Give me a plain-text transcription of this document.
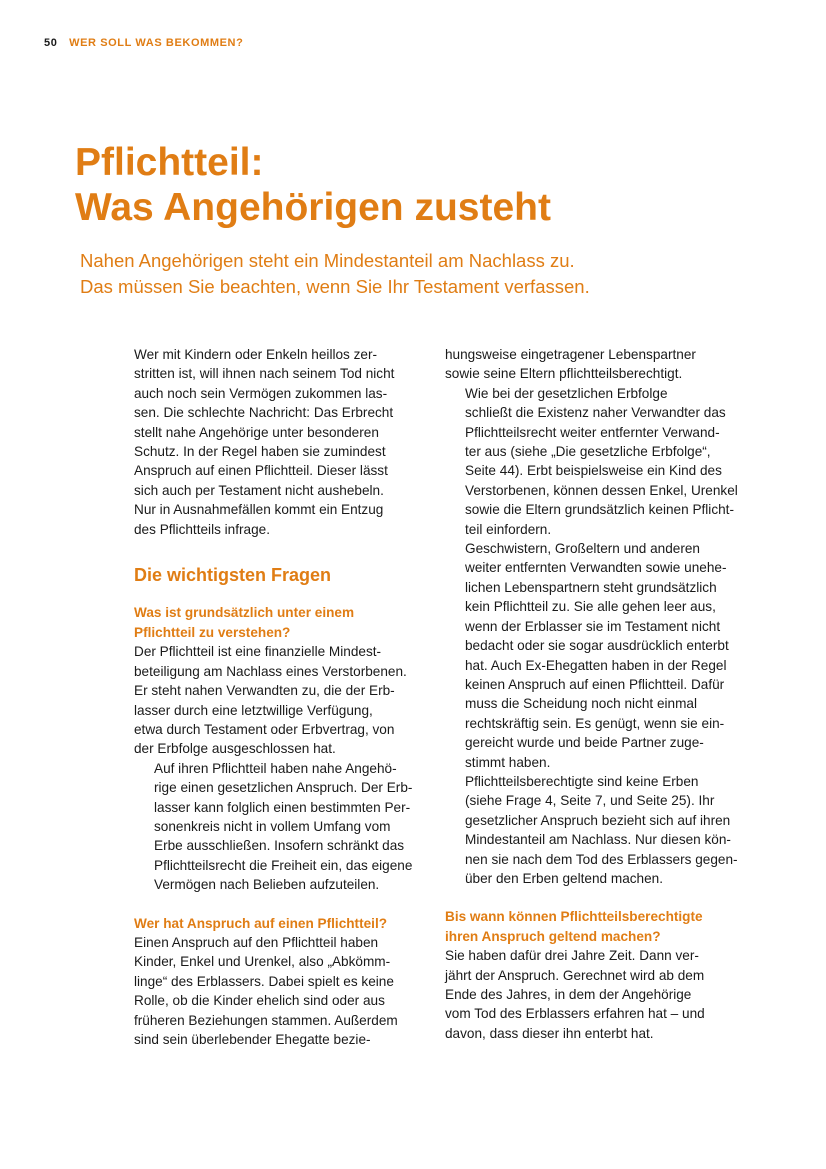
50 WER SOLL WAS BEKOMMEN?
Pflichtteil:
Was Angehörigen zusteht
Nahen Angehörigen steht ein Mindestanteil am Nachlass zu.
Das müssen Sie beachten, wenn Sie Ihr Testament verfassen.

Wer mit Kindern oder Enkeln heillos zer-
stritten ist, will ihnen nach seinem Tod nicht
auch noch sein Vermögen zukommen las-
sen. Die schlechte Nachricht: Das Erbrecht
stellt nahe Angehörige unter besonderen
Schutz. In der Regel haben sie zumindest
Anspruch auf einen Pflichtteil. Dieser lässt
sich auch per Testament nicht aushebeln.
Nur in Ausnahmefällen kommt ein Entzug
des Pflichtteils infrage.

Die wichtigsten Fragen

Was ist grundsätzlich unter einem
Pflichtteil zu verstehen?

Der Pflichtteil ist eine finanzielle Mindest-
beteiligung am Nachlass eines Verstorbenen.
Er steht nahen Verwandten zu, die der Erb-
lasser durch eine letztwillige Verfügung,
etwa durch Testament oder Erbvertrag, von
der Erbfolge ausgeschlossen hat.

Auf ihren Pflichtteil haben nahe Angehö-
rige einen gesetzlichen Anspruch. Der Erb-
lasser kann folglich einen bestimmten Per-
sonenkreis nicht in vollem Umfang vom
Erbe ausschließen. Insofern schränkt das
Pflichtteilsrecht die Freiheit ein, das eigene
Vermögen nach Belieben aufzuteilen.

Wer hat Anspruch auf einen Pflichtteil?

Einen Anspruch auf den Pflichtteil haben
Kinder, Enkel und Urenkel, also „Abkömm-
linge“ des Erblassers. Dabei spielt es keine
Rolle, ob die Kinder ehelich sind oder aus
früheren Beziehungen stammen. Außerdem
sind sein überlebender Ehegatte bezie-

hungsweise eingetragener Lebenspartner
sowie seine Eltern pflichtteilsberechtigt.

Wie bei der gesetzlichen Erbfolge
schließt die Existenz naher Verwandter das
Pflichtteilsrecht weiter entfernter Verwand-
ter aus (siehe „Die gesetzliche Erbfolge“,
Seite 44). Erbt beispielsweise ein Kind des
Verstorbenen, können dessen Enkel, Urenkel
sowie die Eltern grundsätzlich keinen Pflicht-
teil einfordern.

Geschwistern, Großeltern und anderen
weiter entfernten Verwandten sowie unehe-
lichen Lebenspartnern steht grundsätzlich
kein Pflichtteil zu. Sie alle gehen leer aus,
wenn der Erblasser sie im Testament nicht
bedacht oder sie sogar ausdrücklich enterbt
hat. Auch Ex-Ehegatten haben in der Regel
keinen Anspruch auf einen Pflichtteil. Dafür
muss die Scheidung noch nicht einmal
rechtskräftig sein. Es genügt, wenn sie ein-
gereicht wurde und beide Partner zuge-
stimmt haben.

Pflichtteilsberechtigte sind keine Erben
(siehe Frage 4, Seite 7, und Seite 25). Ihr
gesetzlicher Anspruch bezieht sich auf ihren
Mindestanteil am Nachlass. Nur diesen kön-
nen sie nach dem Tod des Erblassers gegen-
über den Erben geltend machen.

Bis wann können Pflichtteilsberechtigte
ihren Anspruch geltend machen?

Sie haben dafür drei Jahre Zeit. Dann ver-
jährt der Anspruch. Gerechnet wird ab dem
Ende des Jahres, in dem der Angehörige
vom Tod des Erblassers erfahren hat – und
davon, dass dieser ihn enterbt hat.
